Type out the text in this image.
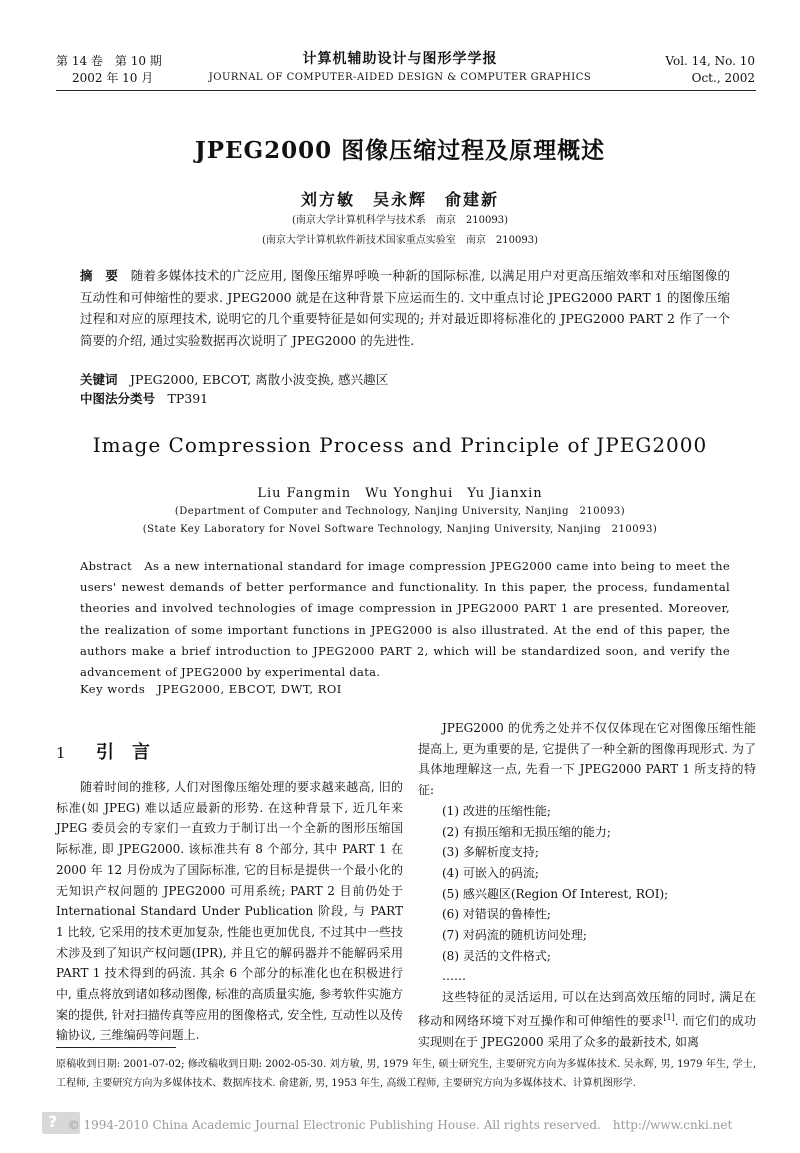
第 14 卷　第 10 期
2002 年 10 月
计算机辅助设计与图形学学报
JOURNAL OF COMPUTER-AIDED DESIGN & COMPUTER GRAPHICS
Vol. 14, No. 10
Oct., 2002
JPEG2000 图像压缩过程及原理概述
刘方敏　吴永辉　俞建新
(南京大学计算机科学与技术系　南京　210093)
(南京大学计算机软件新技术国家重点实验室　南京　210093)
摘　要　 随着多媒体技术的广泛应用, 图像压缩界呼唤一种新的国际标准, 以满足用户对更高压缩效率和对压缩图像的互动性和可伸缩性的要求. JPEG2000 就是在这种背景下应运而生的. 文中重点讨论 JPEG2000 PART 1 的图像压缩过程和对应的原理技术, 说明它的几个重要特征是如何实现的; 并对最近即将标准化的 JPEG2000 PART 2 作了一个简要的介绍, 通过实验数据再次说明了 JPEG2000 的先进性.
关键词　 JPEG2000, EBCOT, 离散小波变换, 感兴趣区
中图法分类号　 TP391
Image Compression Process and Principle of JPEG2000
Liu Fangmin　Wu Yonghui　Yu Jianxin
(Department of Computer and Technology, Nanjing University, Nanjing　210093)
(State Key Laboratory for Novel Software Technology, Nanjing University, Nanjing　210093)
Abstract　 As a new international standard for image compression JPEG2000 came into being to meet the users' newest demands of better performance and functionality. In this paper, the process, fundamental theories and involved technologies of image compression in JPEG2000 PART 1 are presented. Moreover, the realization of some important functions in JPEG2000 is also illustrated. At the end of this paper, the authors make a brief introduction to JPEG2000 PART 2, which will be standardized soon, and verify the advancement of JPEG2000 by experimental data.
Key words　 JPEG2000, EBCOT, DWT, ROI
1 引　言

随着时间的推移, 人们对图像压缩处理的要求越来越高, 旧的标准(如 JPEG) 难以适应最新的形势. 在这种背景下, 近几年来 JPEG 委员会的专家们一直致力于制订出一个全新的图形压缩国际标准, 即 JPEG2000. 该标准共有 8 个部分, 其中 PART 1 在 2000 年 12 月份成为了国际标准, 它的目标是提供一个最小化的无知识产权问题的 JPEG2000 可用系统; PART 2 目前仍处于 International Standard Under Publication 阶段, 与 PART 1 比较, 它采用的技术更加复杂, 性能也更加优良, 不过其中一些技术涉及到了知识产权问题(IPR), 并且它的解码器并不能解码采用 PART 1 技术得到的码流. 其余 6 个部分的标准化也在积极进行中, 重点将放到诸如移动图像, 标准的高质量实施, 参考软件实施方案的提供, 针对扫描传真等应用的图像格式, 安全性, 互动性以及传输协议, 三维编码等问题上.

JPEG2000 的优秀之处并不仅仅体现在它对图像压缩性能提高上, 更为重要的是, 它提供了一种全新的图像再现形式. 为了具体地理解这一点, 先看一下 JPEG2000 PART 1 所支持的特征:

(1) 改进的压缩性能;
(2) 有损压缩和无损压缩的能力;
(3) 多解析度支持;
(4) 可嵌入的码流;
(5) 感兴趣区(Region Of Interest, ROI);
(6) 对错误的鲁棒性;
(7) 对码流的随机访问处理;
(8) 灵活的文件格式;
……

这些特征的灵活运用, 可以在达到高效压缩的同时, 满足在移动和网络环境下对互操作和可伸缩性的要求[1]. 而它们的成功实现则在于 JPEG2000 采用了众多的最新技术, 如离

原稿收到日期: 2001-07-02; 修改稿收到日期: 2002-05-30. 刘方敏, 男, 1979 年生, 硕士研究生, 主要研究方向为多媒体技术. 吴永辉, 男, 1979 年生, 学士, 工程师, 主要研究方向为多媒体技术、数据库技术. 俞建新, 男, 1953 年生, 高级工程师, 主要研究方向为多媒体技术、计算机图形学.
? © 1994-2010 China Academic Journal Electronic Publishing House. All rights reserved.　http://www.cnki.net
